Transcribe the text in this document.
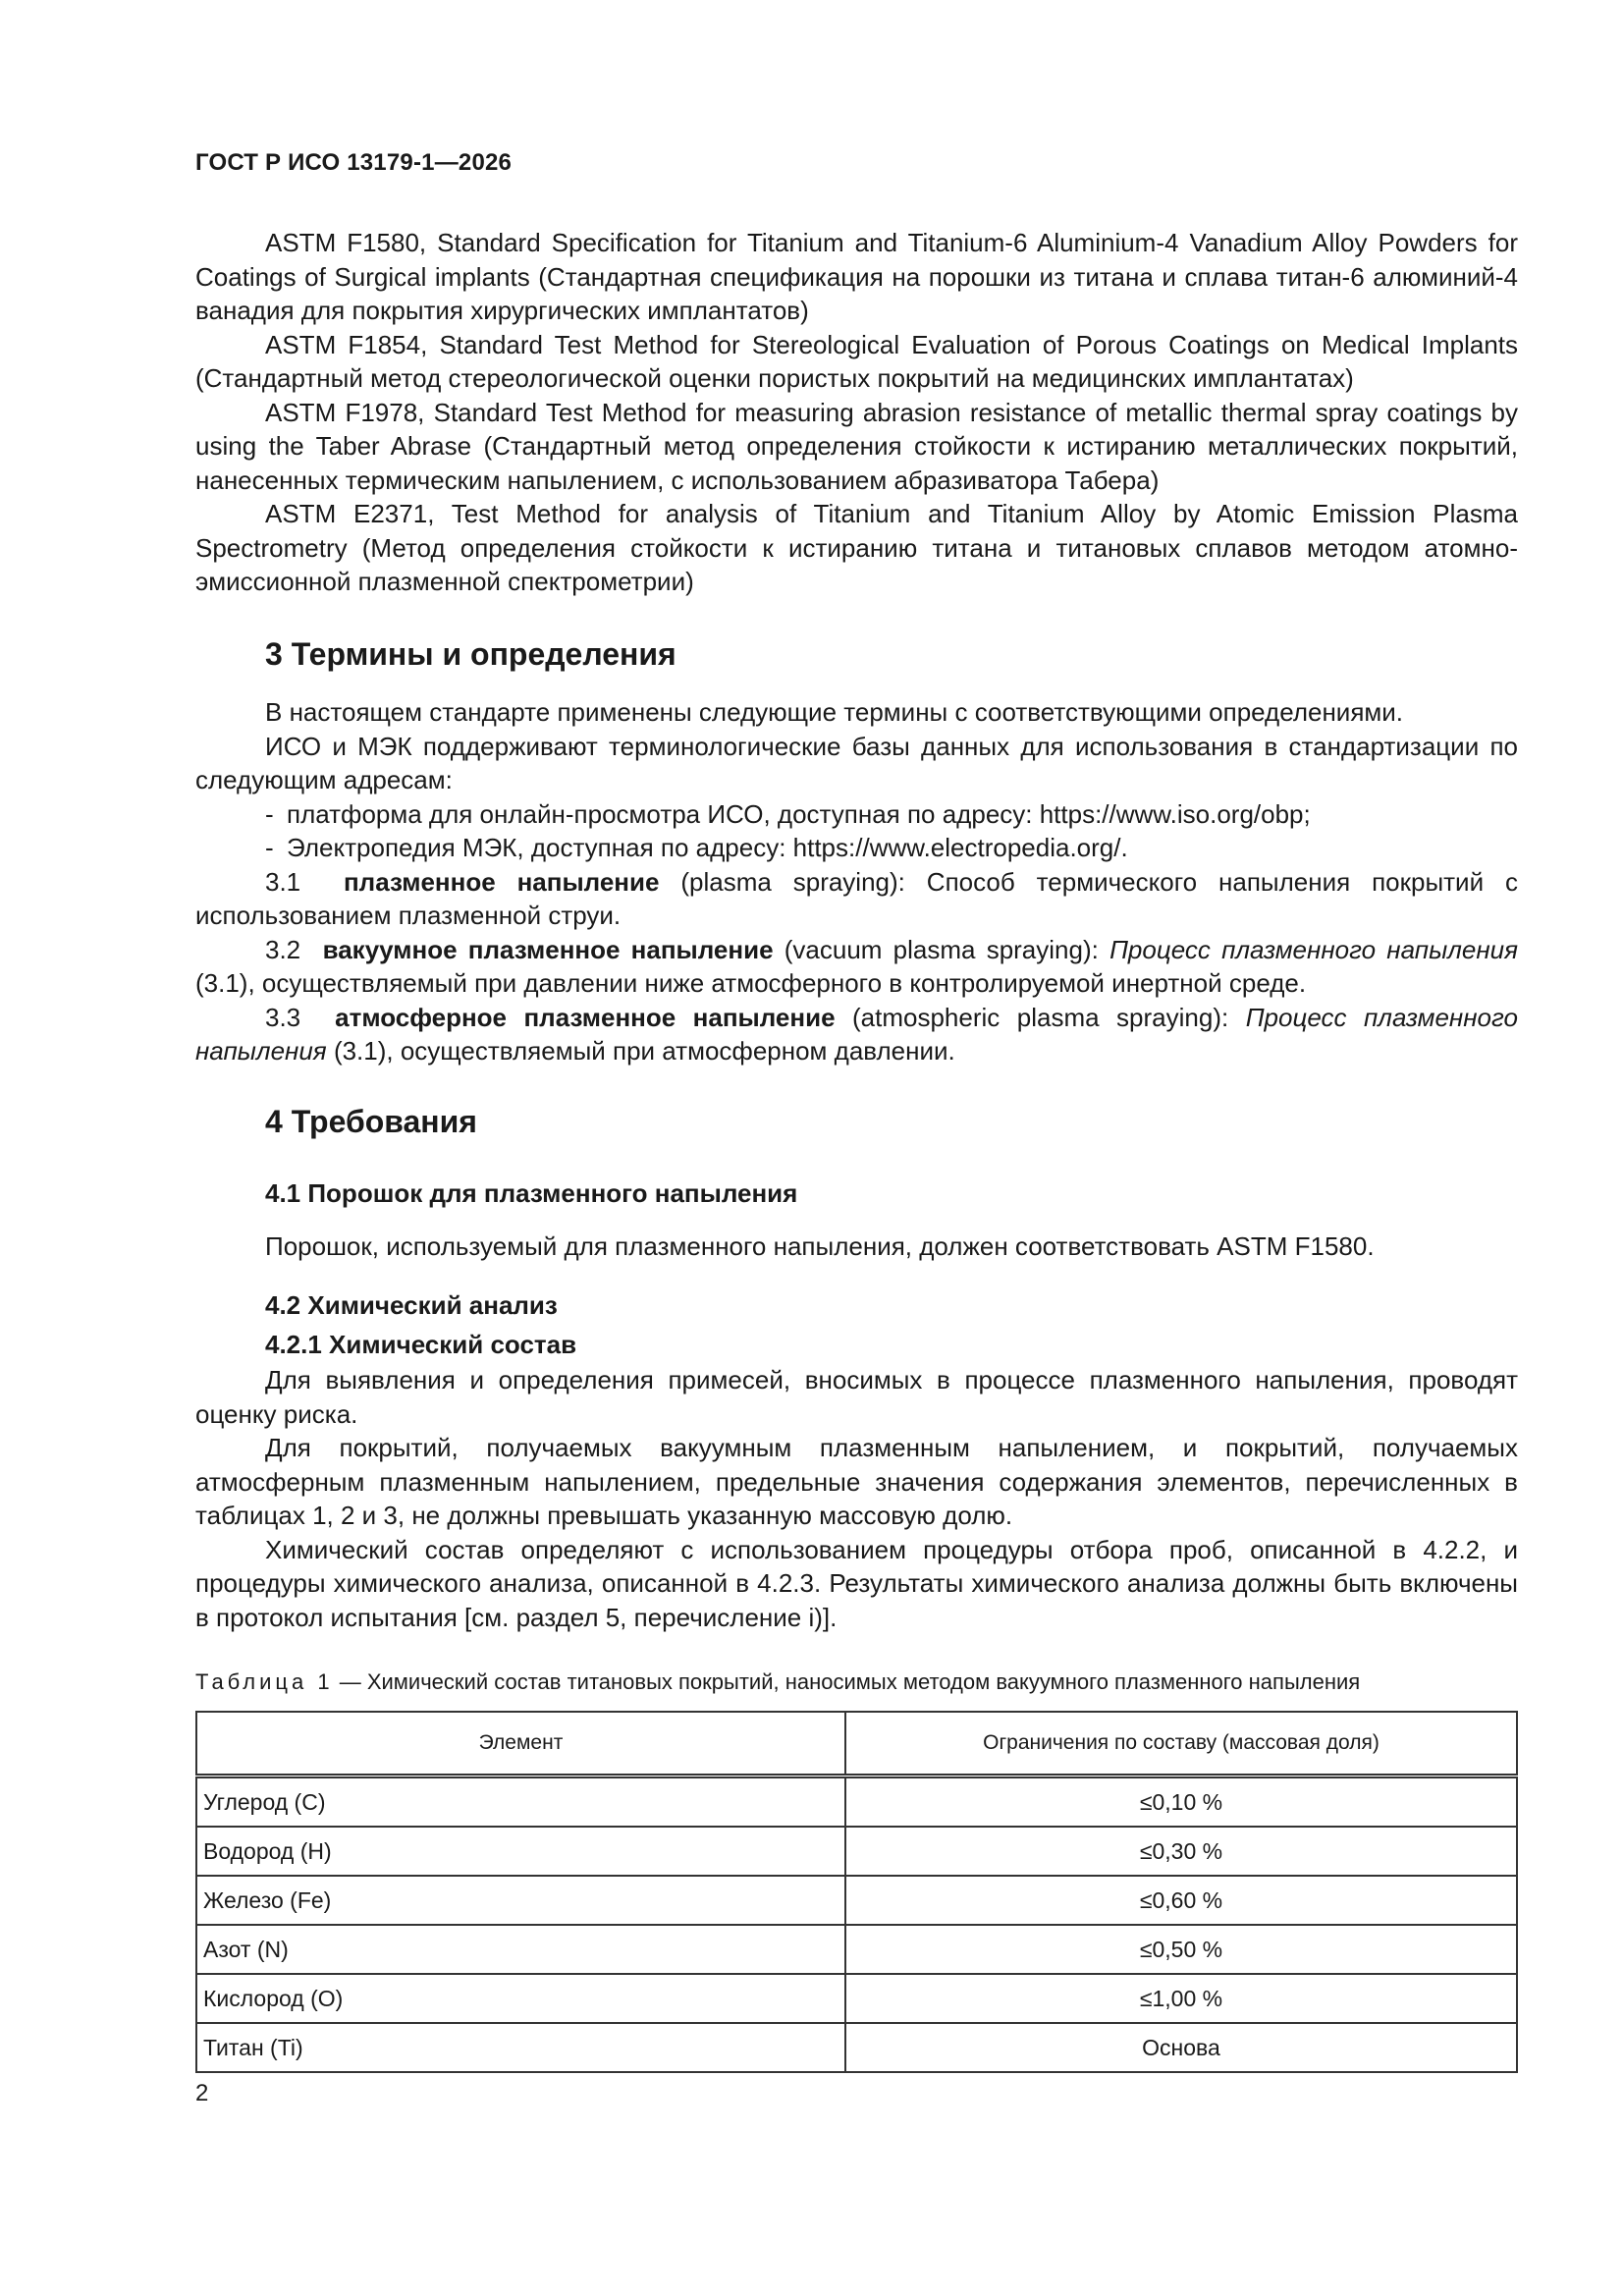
ГОСТ Р ИСО 13179-1—2026

ASTM F1580, Standard Specification for Titanium and Titanium-6 Aluminium-4 Vanadium Alloy Powders for Coatings of Surgical implants (Стандартная спецификация на порошки из титана и сплава титан-6 алюминий-4 ванадия для покрытия хирургических имплантатов)

ASTM F1854, Standard Test Method for Stereological Evaluation of Porous Coatings on Medical Implants (Стандартный метод стереологической оценки пористых покрытий на медицинских имплантатах)

ASTM F1978, Standard Test Method for measuring abrasion resistance of metallic thermal spray coatings by using the Taber Abrase (Стандартный метод определения стойкости к истиранию металлических покрытий, нанесенных термическим напылением, с использованием абразиватора Табера)

ASTM E2371, Test Method for analysis of Titanium and Titanium Alloy by Atomic Emission Plasma Spectrometry (Метод определения стойкости к истиранию титана и титановых сплавов методом атомно-эмиссионной плазменной спектрометрии)

3 Термины и определения

В настоящем стандарте применены следующие термины с соответствующими определениями.

ИСО и МЭК поддерживают терминологические базы данных для использования в стандартизации по следующим адресам:

- платформа для онлайн-просмотра ИСО, доступная по адресу: https://www.iso.org/obp;

- Электропедия МЭК, доступная по адресу: https://www.electropedia.org/.

3.1 плазменное напыление (plasma spraying): Способ термического напыления покрытий с использованием плазменной струи.

3.2 вакуумное плазменное напыление (vacuum plasma spraying): Процесс плазменного напыления (3.1), осуществляемый при давлении ниже атмосферного в контролируемой инертной среде.

3.3 атмосферное плазменное напыление (atmospheric plasma spraying): Процесс плазменного напыления (3.1), осуществляемый при атмосферном давлении.

4 Требования
4.1 Порошок для плазменного напыления
Порошок, используемый для плазменного напыления, должен соответствовать ASTM F1580.
4.2 Химический анализ
4.2.1 Химический состав

Для выявления и определения примесей, вносимых в процессе плазменного напыления, проводят оценку риска.

Для покрытий, получаемых вакуумным плазменным напылением, и покрытий, получаемых атмосферным плазменным напылением, предельные значения содержания элементов, перечисленных в таблицах 1, 2 и 3, не должны превышать указанную массовую долю.

Химический состав определяют с использованием процедуры отбора проб, описанной в 4.2.2, и процедуры химического анализа, описанной в 4.2.3. Результаты химического анализа должны быть включены в протокол испытания [см. раздел 5, перечисление i)].

Таблица 1 — Химический состав титановых покрытий, наносимых методом вакуумного плазменного напыления
Элемент	Ограничения по составу (массовая доля)
Углерод (C)	≤0,10 %
Водород (H)	≤0,30 %
Железо (Fe)	≤0,60 %
Азот (N)	≤0,50 %
Кислород (O)	≤1,00 %
Титан (Ti)	Основа
2
